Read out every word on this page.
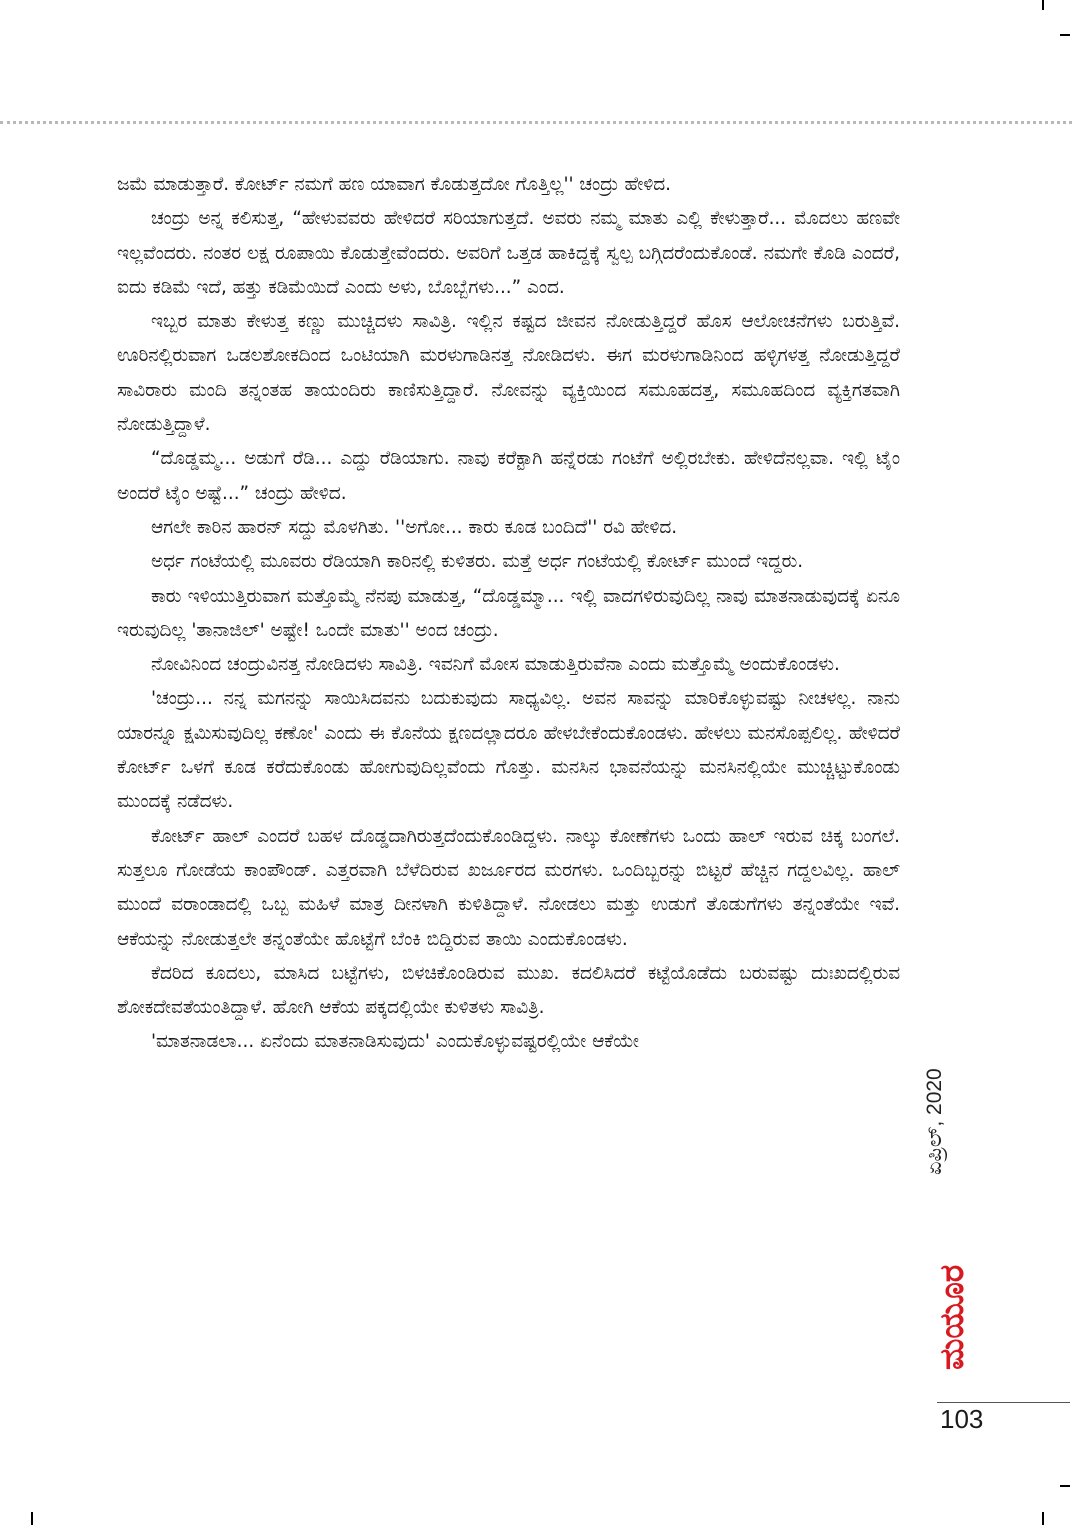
ಜಮೆ ಮಾಡುತ್ತಾರೆ. ಕೋರ್ಟ್ ನಮಗೆ ಹಣ ಯಾವಾಗ ಕೊಡುತ್ತದೋ ಗೊತ್ತಿಲ್ಲ'' ಚಂದ್ರು ಹೇಳಿದ.

ಚಂದ್ರು ಅನ್ನ ಕಲಿಸುತ್ತ, “ಹೇಳುವವರು ಹೇಳಿದರೆ ಸರಿಯಾಗುತ್ತದೆ. ಅವರು ನಮ್ಮ ಮಾತು ಎಲ್ಲಿ ಕೇಳುತ್ತಾರೆ... ಮೊದಲು ಹಣವೇ ಇಲ್ಲವೆಂದರು. ನಂತರ ಲಕ್ಷ ರೂಪಾಯಿ ಕೊಡುತ್ತೇವೆಂದರು. ಅವರಿಗೆ ಒತ್ತಡ ಹಾಕಿದ್ದಕ್ಕೆ ಸ್ವಲ್ಪ ಬಗ್ಗಿದರೆಂದುಕೊಂಡೆ. ನಮಗೇ ಕೊಡಿ ಎಂದರೆ, ಐದು ಕಡಿಮೆ ಇದೆ, ಹತ್ತು ಕಡಿಮೆಯಿದೆ ಎಂದು ಅಳು, ಬೊಬ್ಬೆಗಳು...” ಎಂದ.

ಇಬ್ಬರ ಮಾತು ಕೇಳುತ್ತ ಕಣ್ಣು ಮುಚ್ಚಿದಳು ಸಾವಿತ್ರಿ. ಇಲ್ಲಿನ ಕಷ್ಟದ ಜೀವನ ನೋಡುತ್ತಿದ್ದರೆ ಹೊಸ ಆಲೋಚನೆಗಳು ಬರುತ್ತಿವೆ. ಊರಿನಲ್ಲಿರುವಾಗ ಒಡಲಶೋಕದಿಂದ ಒಂಟಿಯಾಗಿ ಮರಳುಗಾಡಿನತ್ತ ನೋಡಿದಳು. ಈಗ ಮರಳುಗಾಡಿನಿಂದ ಹಳ್ಳಿಗಳತ್ತ ನೋಡುತ್ತಿದ್ದರೆ ಸಾವಿರಾರು ಮಂದಿ ತನ್ನಂತಹ ತಾಯಂದಿರು ಕಾಣಿಸುತ್ತಿದ್ದಾರೆ. ನೋವನ್ನು ವ್ಯಕ್ತಿಯಿಂದ ಸಮೂಹದತ್ತ, ಸಮೂಹದಿಂದ ವ್ಯಕ್ತಿಗತವಾಗಿ ನೋಡುತ್ತಿದ್ದಾಳೆ.

“ದೊಡ್ಡಮ್ಮ... ಅಡುಗೆ ರೆಡಿ... ಎದ್ದು ರೆಡಿಯಾಗು. ನಾವು ಕರೆಕ್ಟಾಗಿ ಹನ್ನೆರಡು ಗಂಟೆಗೆ ಅಲ್ಲಿರಬೇಕು. ಹೇಳಿದೆನಲ್ಲವಾ. ಇಲ್ಲಿ ಟೈಂ ಅಂದರೆ ಟೈಂ ಅಷ್ಟೆ...” ಚಂದ್ರು ಹೇಳಿದ.

ಆಗಲೇ ಕಾರಿನ ಹಾರನ್ ಸದ್ದು ಮೊಳಗಿತು. ''ಅಗೋ... ಕಾರು ಕೂಡ ಬಂದಿದೆ'' ರವಿ ಹೇಳಿದ.

ಅರ್ಧ ಗಂಟೆಯಲ್ಲಿ ಮೂವರು ರೆಡಿಯಾಗಿ ಕಾರಿನಲ್ಲಿ ಕುಳಿತರು. ಮತ್ತೆ ಅರ್ಧ ಗಂಟೆಯಲ್ಲಿ ಕೋರ್ಟ್ ಮುಂದೆ ಇದ್ದರು.

ಕಾರು ಇಳಿಯುತ್ತಿರುವಾಗ ಮತ್ತೊಮ್ಮೆ ನೆನಪು ಮಾಡುತ್ತ, “ದೊಡ್ಡಮ್ಮಾ... ಇಲ್ಲಿ ವಾದಗಳಿರುವುದಿಲ್ಲ ನಾವು ಮಾತನಾಡುವುದಕ್ಕೆ ಏನೂ ಇರುವುದಿಲ್ಲ 'ತಾನಾಜಿಲ್' ಅಷ್ಟೇ! ಒಂದೇ ಮಾತು'' ಅಂದ ಚಂದ್ರು.

ನೋವಿನಿಂದ ಚಂದ್ರುವಿನತ್ತ ನೋಡಿದಳು ಸಾವಿತ್ರಿ. ಇವನಿಗೆ ಮೋಸ ಮಾಡುತ್ತಿರುವೆನಾ ಎಂದು ಮತ್ತೊಮ್ಮೆ ಅಂದುಕೊಂಡಳು.

'ಚಂದ್ರು... ನನ್ನ ಮಗನನ್ನು ಸಾಯಿಸಿದವನು ಬದುಕುವುದು ಸಾಧ್ಯವಿಲ್ಲ. ಅವನ ಸಾವನ್ನು ಮಾರಿಕೊಳ್ಳುವಷ್ಟು ನೀಚಳಲ್ಲ. ನಾನು ಯಾರನ್ನೂ ಕ್ಷಮಿಸುವುದಿಲ್ಲ ಕಣೋ' ಎಂದು ಈ ಕೊನೆಯ ಕ್ಷಣದಲ್ಲಾದರೂ ಹೇಳಬೇಕೆಂದುಕೊಂಡಳು. ಹೇಳಲು ಮನಸೊಪ್ಪಲಿಲ್ಲ. ಹೇಳಿದರೆ ಕೋರ್ಟ್ ಒಳಗೆ ಕೂಡ ಕರೆದುಕೊಂಡು ಹೋಗುವುದಿಲ್ಲವೆಂದು ಗೊತ್ತು. ಮನಸಿನ ಭಾವನೆಯನ್ನು ಮನಸಿನಲ್ಲಿಯೇ ಮುಚ್ಚಿಟ್ಟುಕೊಂಡು ಮುಂದಕ್ಕೆ ನಡೆದಳು.

ಕೋರ್ಟ್ ಹಾಲ್ ಎಂದರೆ ಬಹಳ ದೊಡ್ಡದಾಗಿರುತ್ತದೆಂದುಕೊಂಡಿದ್ದಳು. ನಾಲ್ಕು ಕೋಣೆಗಳು ಒಂದು ಹಾಲ್ ಇರುವ ಚಿಕ್ಕ ಬಂಗಲೆ. ಸುತ್ತಲೂ ಗೋಡೆಯ ಕಾಂಪೌಂಡ್. ಎತ್ತರವಾಗಿ ಬೆಳೆದಿರುವ ಖರ್ಜೂರದ ಮರಗಳು. ಒಂದಿಬ್ಬರನ್ನು ಬಿಟ್ಟರೆ ಹೆಚ್ಚಿನ ಗದ್ದಲವಿಲ್ಲ. ಹಾಲ್ ಮುಂದೆ ವರಾಂಡಾದಲ್ಲಿ ಒಬ್ಬ ಮಹಿಳೆ ಮಾತ್ರ ದೀನಳಾಗಿ ಕುಳಿತಿದ್ದಾಳೆ. ನೋಡಲು ಮತ್ತು ಉಡುಗೆ ತೊಡುಗೆಗಳು ತನ್ನಂತೆಯೇ ಇವೆ. ಆಕೆಯನ್ನು ನೋಡುತ್ತಲೇ ತನ್ನಂತೆಯೇ ಹೊಟ್ಟೆಗೆ ಬೆಂಕಿ ಬಿದ್ದಿರುವ ತಾಯಿ ಎಂದುಕೊಂಡಳು.

ಕೆದರಿದ ಕೂದಲು, ಮಾಸಿದ ಬಟ್ಟೆಗಳು, ಬಿಳಚಿಕೊಂಡಿರುವ ಮುಖ. ಕದಲಿಸಿದರೆ ಕಟ್ಟೆಯೊಡೆದು ಬರುವಷ್ಟು ದುಃಖದಲ್ಲಿರುವ ಶೋಕದೇವತೆಯಂತಿದ್ದಾಳೆ. ಹೋಗಿ ಆಕೆಯ ಪಕ್ಕದಲ್ಲಿಯೇ ಕುಳಿತಳು ಸಾವಿತ್ರಿ.

'ಮಾತನಾಡಲಾ... ಏನೆಂದು ಮಾತನಾಡಿಸುವುದು' ಎಂದುಕೊಳ್ಳುವಷ್ಟರಲ್ಲಿಯೇ ಆಕೆಯೇ

ಏಪ್ರಿಲ್, 2020
ಮಯೂರ
103
